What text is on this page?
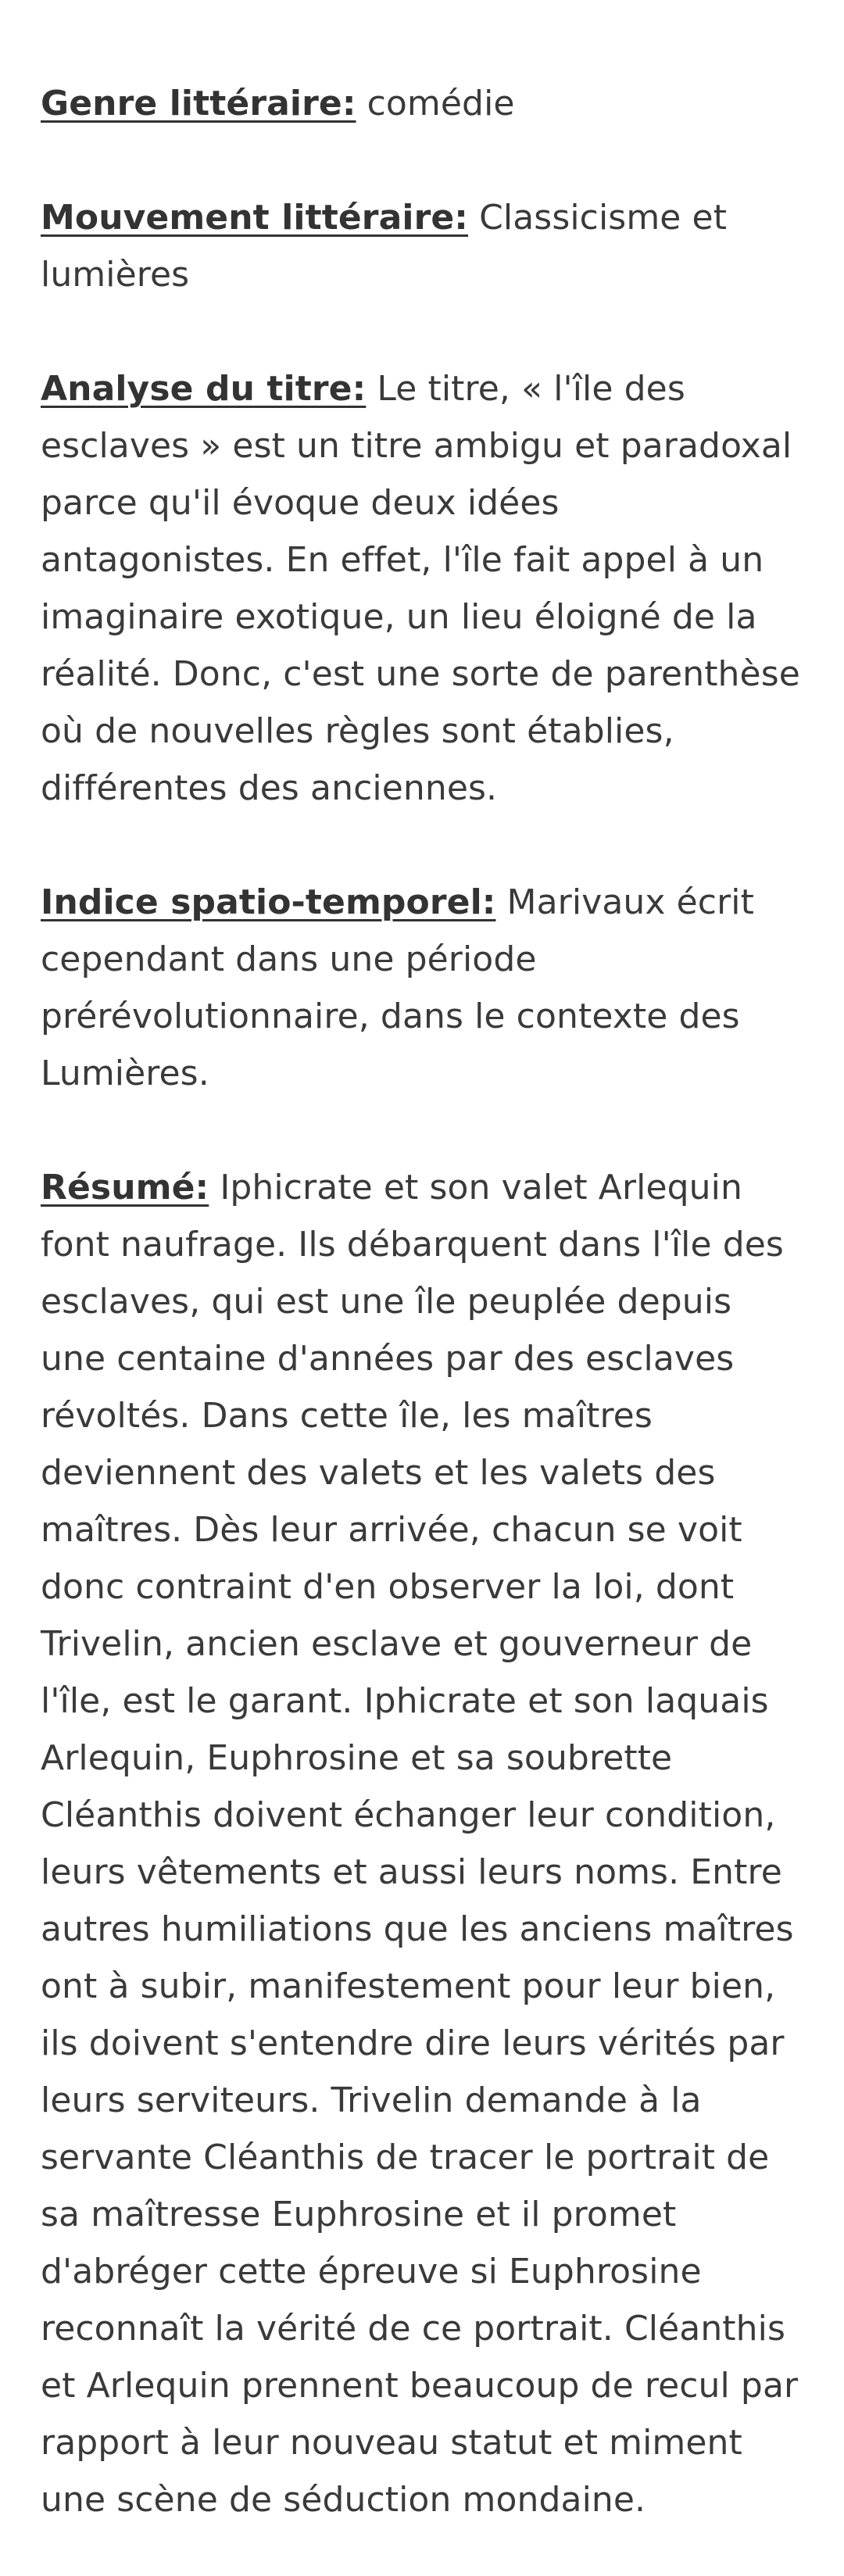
Genre littéraire: comédie

Mouvement littéraire: Classicisme et lumières

Analyse du titre: Le titre, « l'île des esclaves » est un titre ambigu et paradoxal parce qu'il évoque deux idées antagonistes. En effet, l'île fait appel à un imaginaire exotique, un lieu éloigné de la réalité. Donc, c'est une sorte de parenthèse où de nouvelles règles sont établies, différentes des anciennes.

Indice spatio-temporel: Marivaux écrit cependant dans une période prérévolutionnaire, dans le contexte des Lumières.

Résumé: Iphicrate et son valet Arlequin font naufrage. Ils débarquent dans l'île des esclaves, qui est une île peuplée depuis une centaine d'années par des esclaves révoltés. Dans cette île, les maîtres deviennent des valets et les valets des maîtres. Dès leur arrivée, chacun se voit donc contraint d'en observer la loi, dont Trivelin, ancien esclave et gouverneur de l'île, est le garant. Iphicrate et son laquais Arlequin, Euphrosine et sa soubrette Cléanthis doivent échanger leur condition, leurs vêtements et aussi leurs noms. Entre autres humiliations que les anciens maîtres ont à subir, manifestement pour leur bien, ils doivent s'entendre dire leurs vérités par leurs serviteurs. Trivelin demande à la servante Cléanthis de tracer le portrait de sa maîtresse Euphrosine et il promet d'abréger cette épreuve si Euphrosine reconnaît la vérité de ce portrait. Cléanthis et Arlequin prennent beaucoup de recul par rapport à leur nouveau statut et miment une scène de séduction mondaine.
